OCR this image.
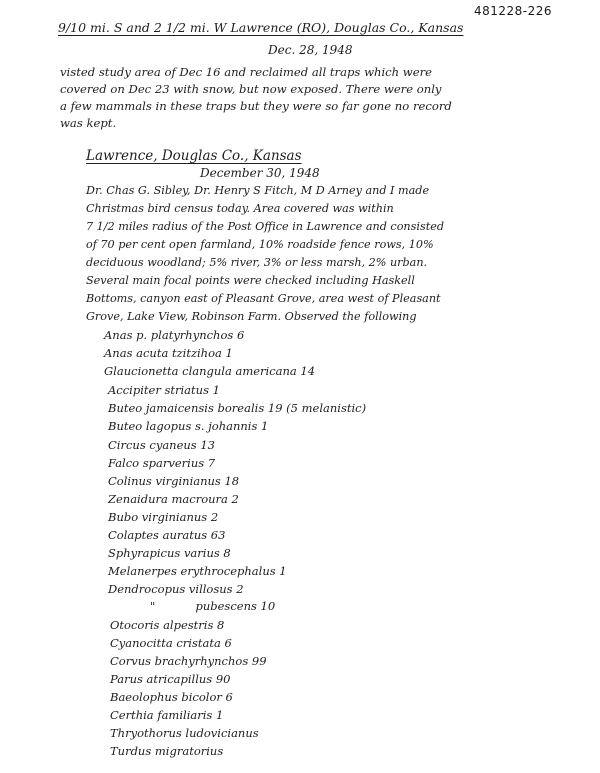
481228-226
9/10 mi. S and 2 1/2 mi. W Lawrence (RO), Douglas Co., Kansas
Dec. 28, 1948
visted study area of Dec 16 and reclaimed all traps which were
covered on Dec 23 with snow, but now exposed. There were only
a few mammals in these traps but they were so far gone no record
was kept.
Lawrence, Douglas Co., Kansas
December 30, 1948
Dr. Chas G. Sibley, Dr. Henry S Fitch, M D Arney and I made
Christmas bird census today. Area covered was within
7 1/2 miles radius of the Post Office in Lawrence and consisted
of 70 per cent open farmland, 10% roadside fence rows, 10%
deciduous woodland; 5% river, 3% or less marsh, 2% urban.
Several main focal points were checked including Haskell
Bottoms, canyon east of Pleasant Grove, area west of Pleasant
Grove, Lake View, Robinson Farm. Observed the following
Anas p. platyrhynchos 6
Anas acuta tzitzihoa 1
Glaucionetta clangula americana 14
Accipiter striatus 1
Buteo jamaicensis borealis 19 (5 melanistic)
Buteo lagopus s. johannis 1
Circus cyaneus 13
Falco sparverius 7
Colinus virginianus 18
Zenaidura macroura 2
Bubo virginianus 2
Colaptes auratus 63
Sphyrapicus varius 8
Melanerpes erythrocephalus 1
Dendrocopus villosus 2
"           pubescens 10
Otocoris alpestris 8
Cyanocitta cristata 6
Corvus brachyrhynchos 99
Parus atricapillus 90
Baeolophus bicolor 6
Certhia familiaris 1
Thryothorus ludovicianus
Turdus migratorius
